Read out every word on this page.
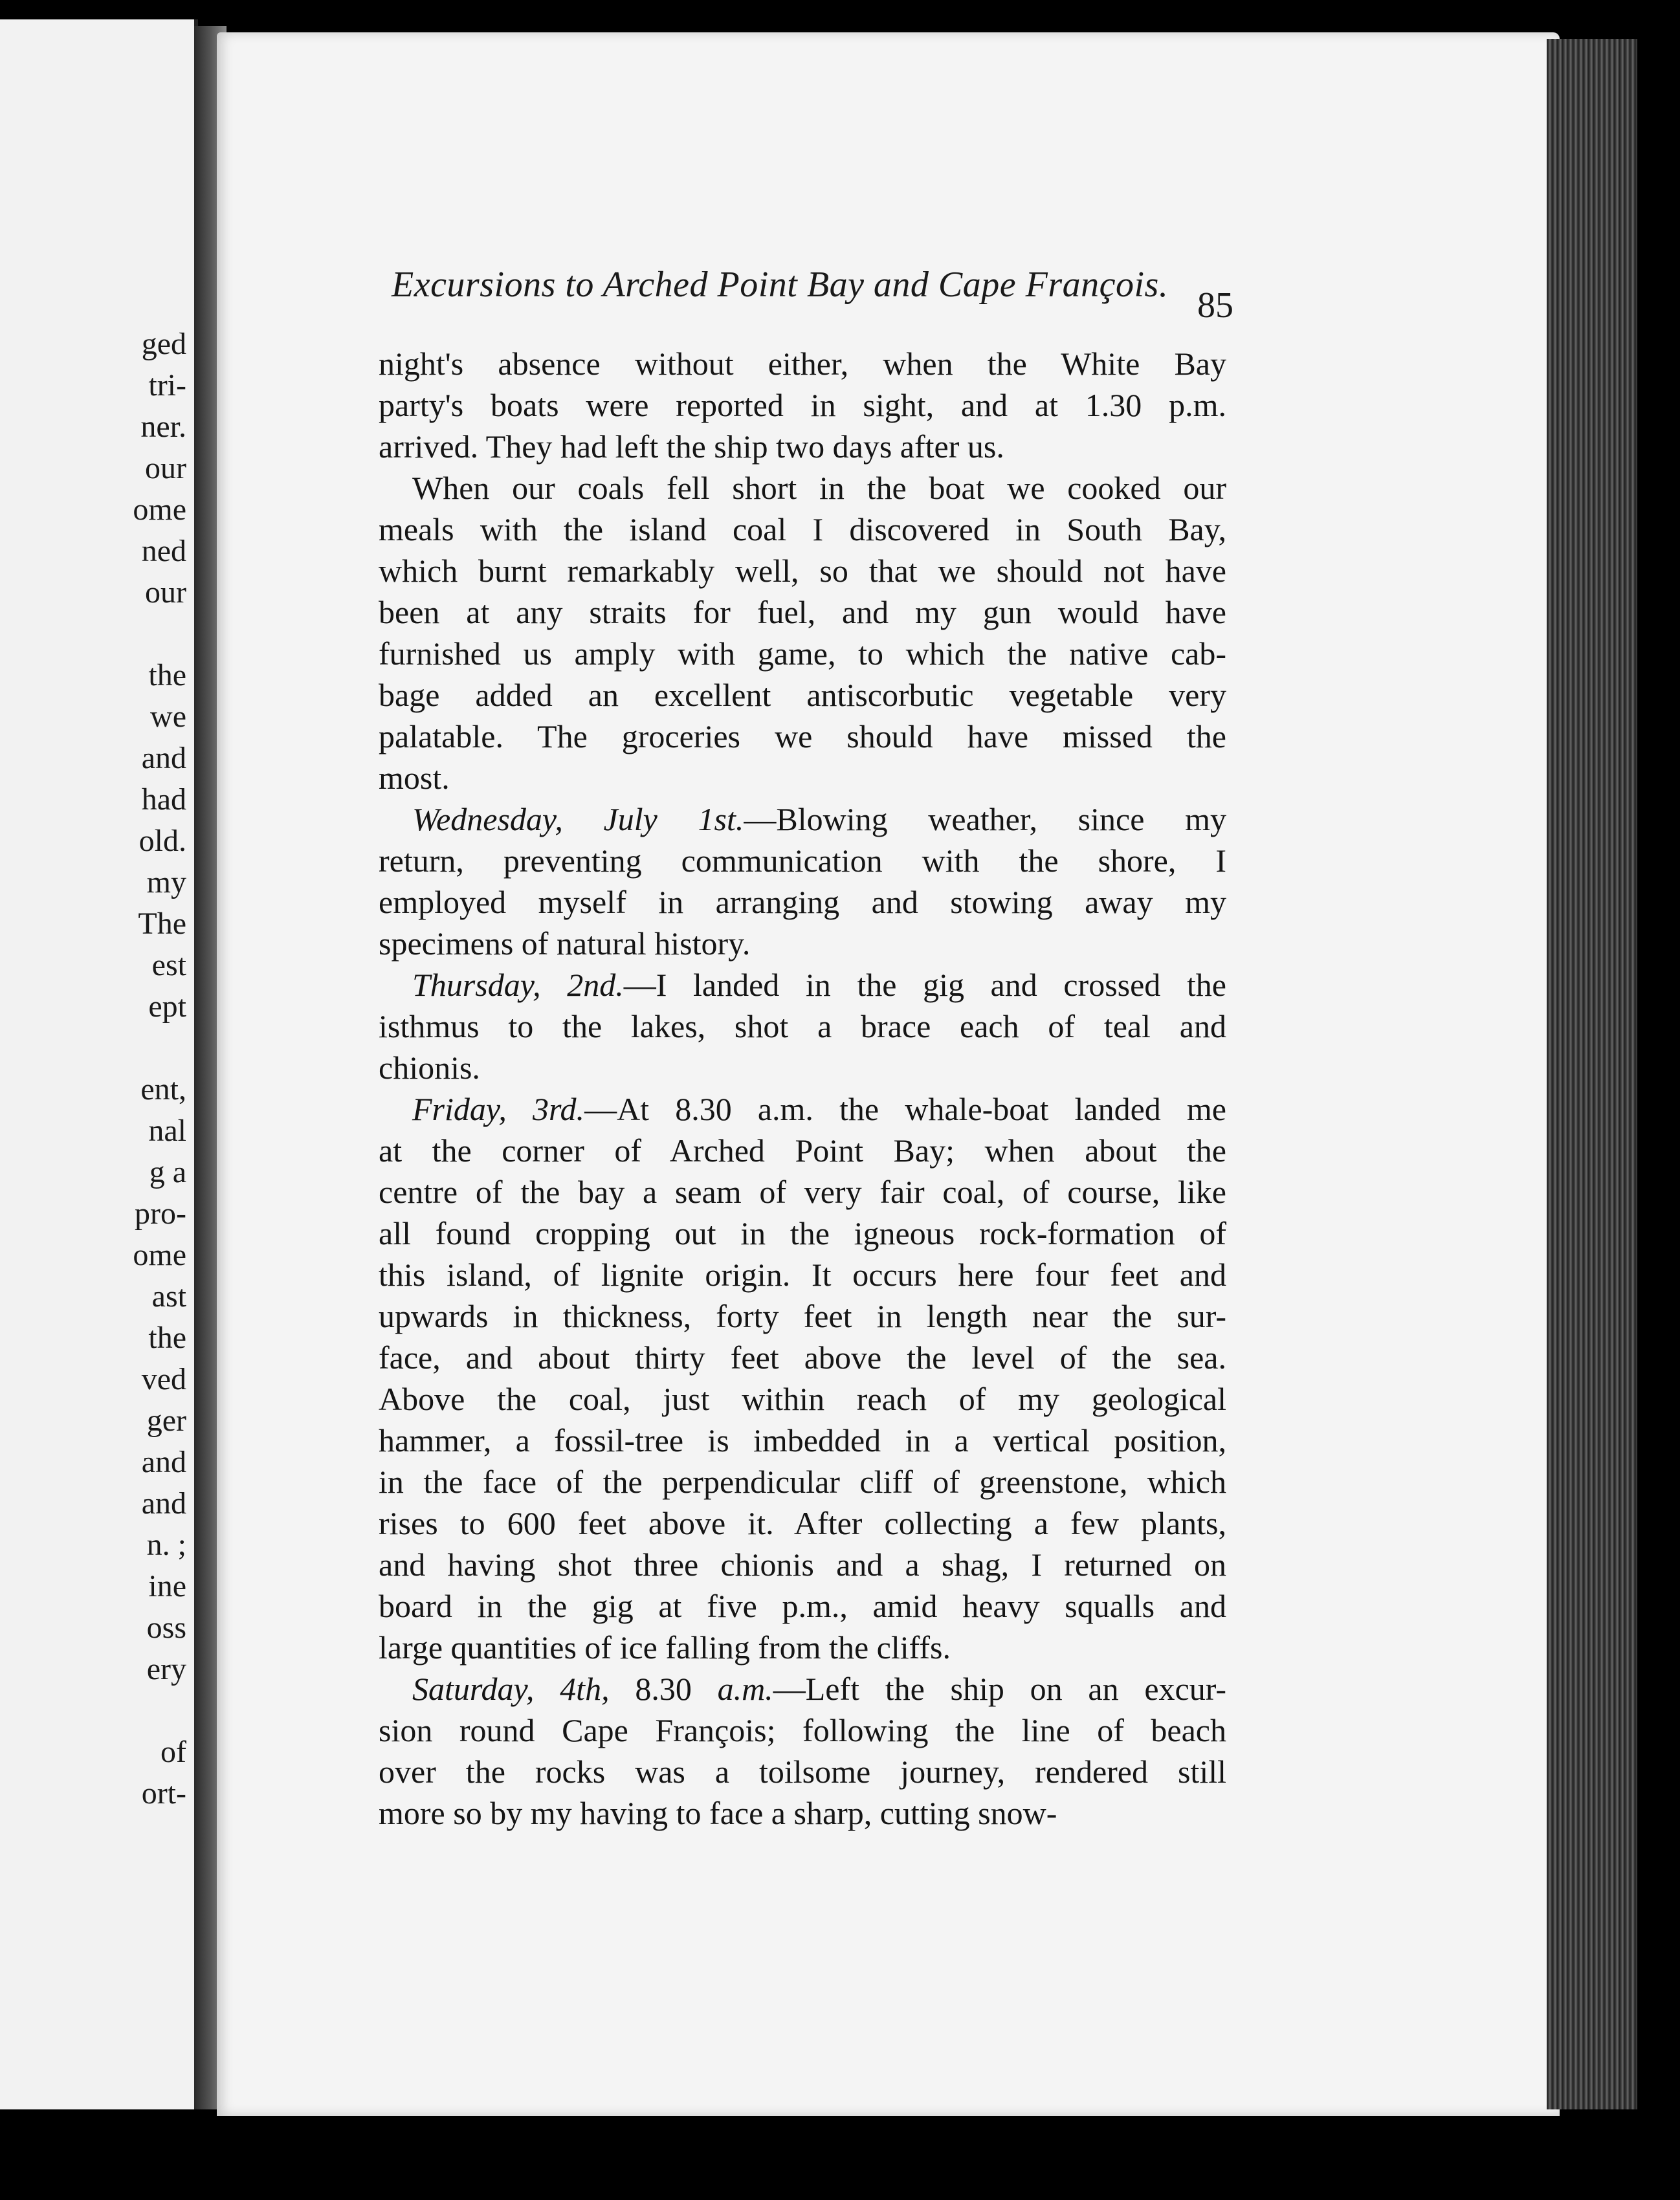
ged
tri-
ner.
our
ome
ned
our
the
we
and
had
old.
my
The
est
ept
ent,
nal
g a
pro-
ome
ast
the
ved
ger
and
and
n. ;
ine
oss
ery
of
ort-
Excursions to Arched Point Bay and Cape François.
85
night's absence without either, when the White Bay
party's boats were reported in sight, and at 1.30 p.m.
arrived. They had left the ship two days after us.
When our coals fell short in the boat we cooked our
meals with the island coal I discovered in South Bay,
which burnt remarkably well, so that we should not have
been at any straits for fuel, and my gun would have
furnished us amply with game, to which the native cab-
bage added an excellent antiscorbutic vegetable very
palatable. The groceries we should have missed the
most.
Wednesday, July 1st.—Blowing weather, since my
return, preventing communication with the shore, I
employed myself in arranging and stowing away my
specimens of natural history.
Thursday, 2nd.—I landed in the gig and crossed the
isthmus to the lakes, shot a brace each of teal and
chionis.
Friday, 3rd.—At 8.30 a.m. the whale-boat landed me
at the corner of Arched Point Bay; when about the
centre of the bay a seam of very fair coal, of course, like
all found cropping out in the igneous rock-formation of
this island, of lignite origin. It occurs here four feet and
upwards in thickness, forty feet in length near the sur-
face, and about thirty feet above the level of the sea.
Above the coal, just within reach of my geological
hammer, a fossil-tree is imbedded in a vertical position,
in the face of the perpendicular cliff of greenstone, which
rises to 600 feet above it. After collecting a few plants,
and having shot three chionis and a shag, I returned on
board in the gig at five p.m., amid heavy squalls and
large quantities of ice falling from the cliffs.
Saturday, 4th, 8.30 a.m.—Left the ship on an excur-
sion round Cape François; following the line of beach
over the rocks was a toilsome journey, rendered still
more so by my having to face a sharp, cutting snow-
